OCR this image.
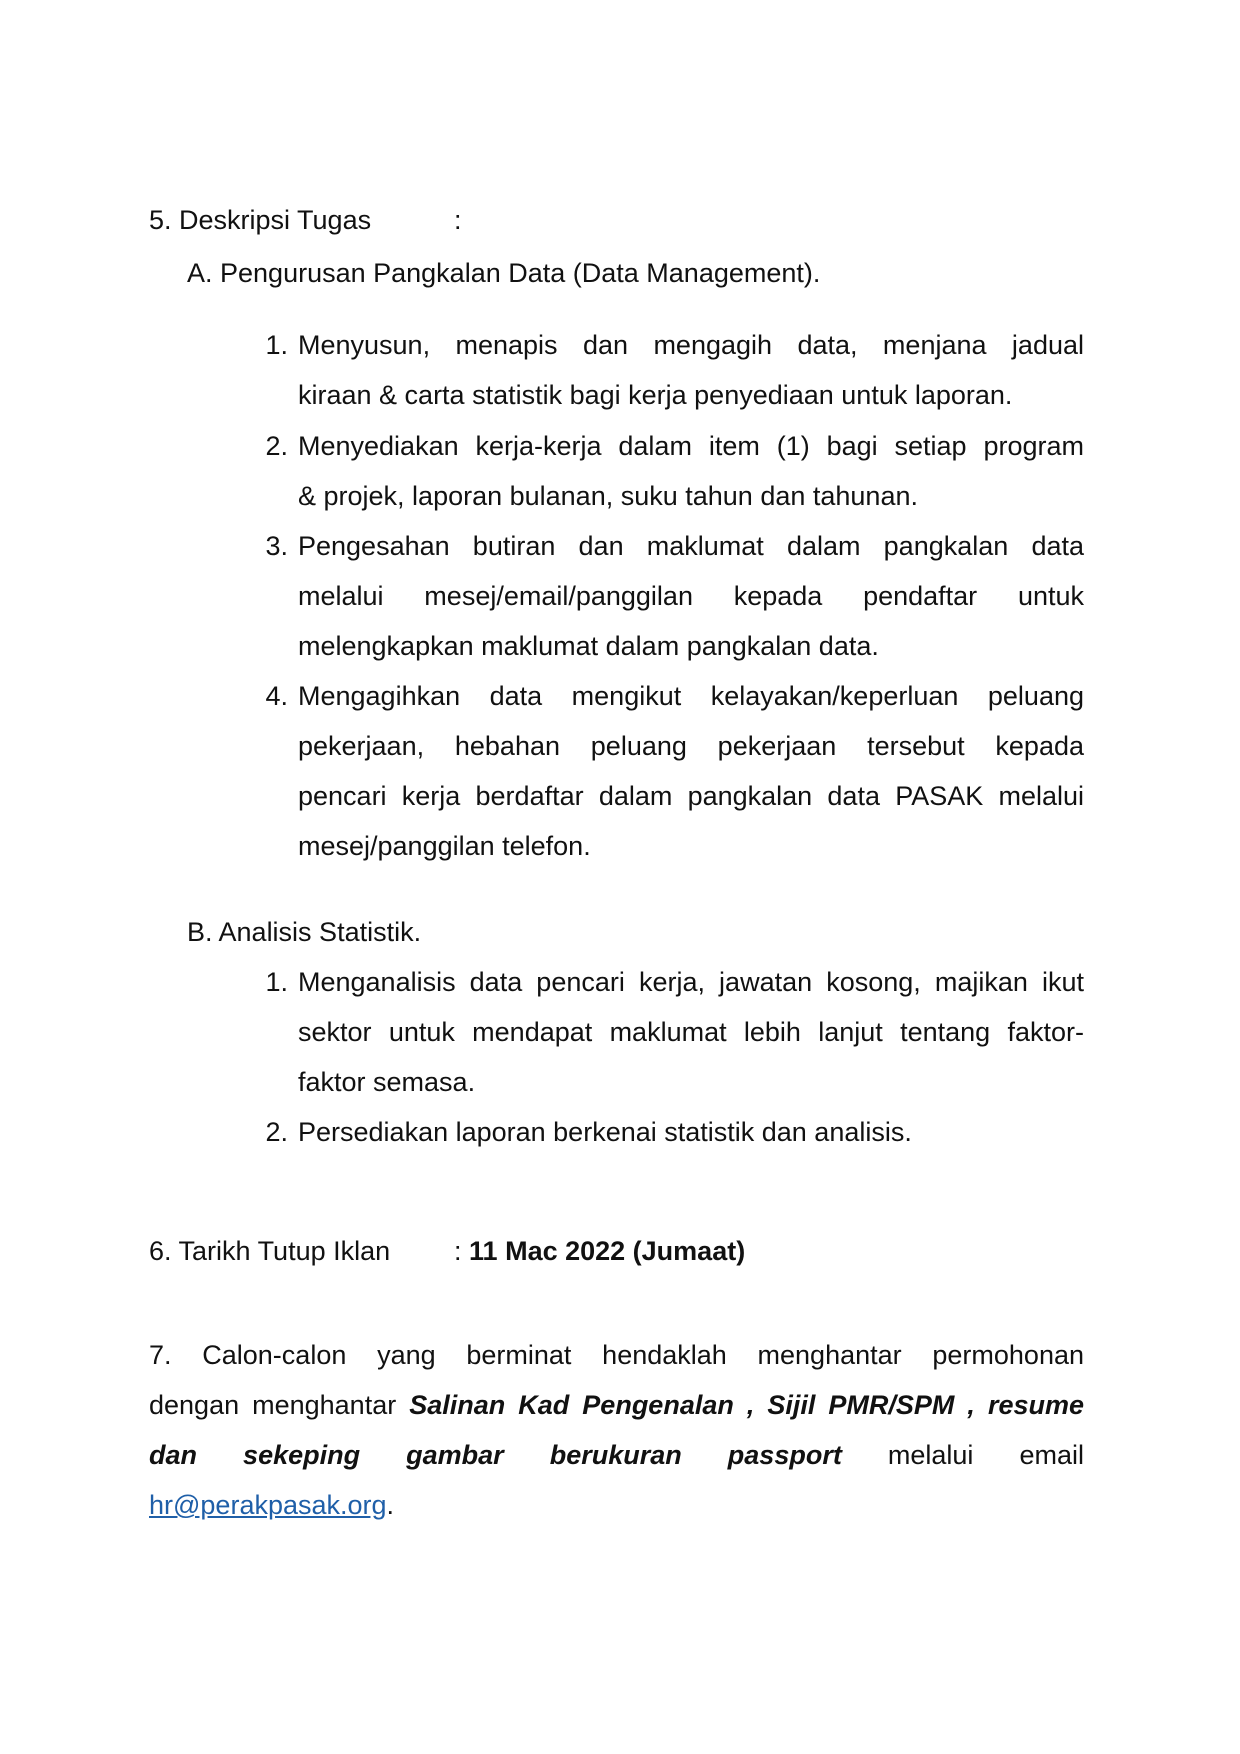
5. Deskripsi Tugas	:
A. Pengurusan Pangkalan Data (Data Management).
1. Menyusun, menapis dan mengagih data, menjana jadual
kiraan & carta statistik bagi kerja penyediaan untuk laporan.
2. Menyediakan kerja-kerja dalam item (1) bagi setiap program
& projek, laporan bulanan, suku tahun dan tahunan.
3. Pengesahan butiran dan maklumat dalam pangkalan data
melalui mesej/email/panggilan kepada pendaftar untuk
melengkapkan maklumat dalam pangkalan data.
4. Mengagihkan data mengikut kelayakan/keperluan peluang
pekerjaan, hebahan peluang pekerjaan tersebut kepada
pencari kerja berdaftar dalam pangkalan data PASAK melalui
mesej/panggilan telefon.
B. Analisis Statistik.
1. Menganalisis data pencari kerja, jawatan kosong, majikan ikut
sektor untuk mendapat maklumat lebih lanjut tentang faktor-
faktor semasa.
2. Persediakan laporan berkenai statistik dan analisis.
6. Tarikh Tutup Iklan : 11 Mac 2022 (Jumaat)
7. Calon-calon yang berminat hendaklah menghantar permohonan
dengan menghantar Salinan Kad Pengenalan , Sijil PMR/SPM , resume
dan sekeping gambar berukuran passport melalui email
hr@perakpasak.org.
